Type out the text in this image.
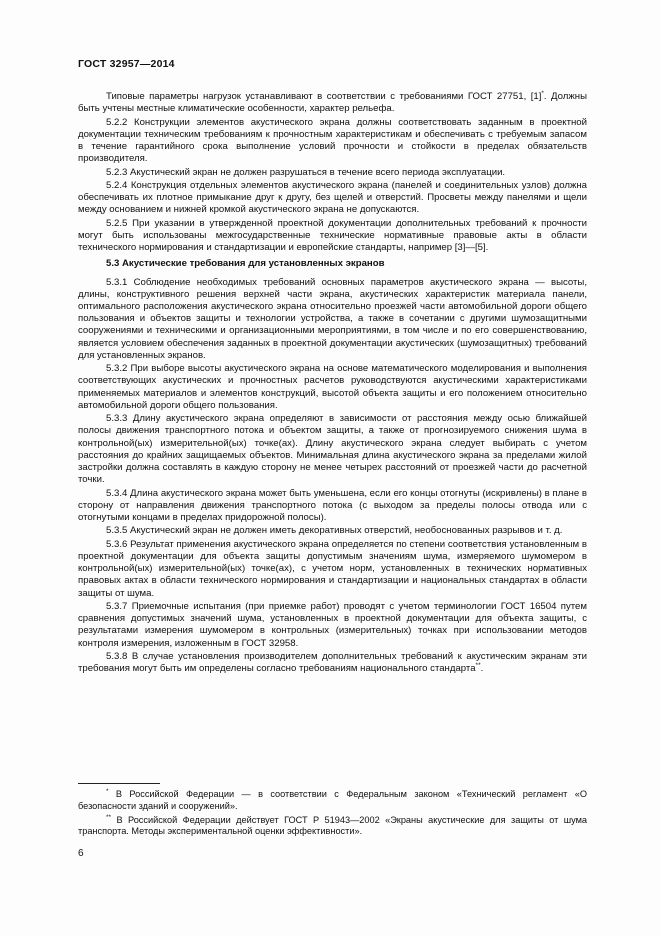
ГОСТ 32957—2014

Типовые параметры нагрузок устанавливают в соответствии с требованиями ГОСТ 27751, [1]*. Должны быть учтены местные климатические особенности, характер рельефа.

5.2.2 Конструкции элементов акустического экрана должны соответствовать заданным в проектной документации техническим требованиям к прочностным характеристикам и обеспечивать с требуемым запасом в течение гарантийного срока выполнение условий прочности и стойкости в пределах обязательств производителя.

5.2.3 Акустический экран не должен разрушаться в течение всего периода эксплуатации.

5.2.4 Конструкция отдельных элементов акустического экрана (панелей и соединительных узлов) должна обеспечивать их плотное примыкание друг к другу, без щелей и отверстий. Просветы между панелями и щели между основанием и нижней кромкой акустического экрана не допускаются.

5.2.5 При указании в утвержденной проектной документации дополнительных требований к прочности могут быть использованы межгосударственные технические нормативные правовые акты в области технического нормирования и стандартизации и европейские стандарты, например [3]—[5].

5.3 Акустические требования для установленных экранов

5.3.1 Соблюдение необходимых требований основных параметров акустического экрана — высоты, длины, конструктивного решения верхней части экрана, акустических характеристик материала панели, оптимального расположения акустического экрана относительно проезжей части автомобильной дороги общего пользования и объектов защиты и технологии устройства, а также в сочетании с другими шумозащитными сооружениями и техническими и организационными мероприятиями, в том числе и по его совершенствованию, является условием обеспечения заданных в проектной документации акустических (шумозащитных) требований для установленных экранов.

5.3.2 При выборе высоты акустического экрана на основе математического моделирования и выполнения соответствующих акустических и прочностных расчетов руководствуются акустическими характеристиками применяемых материалов и элементов конструкций, высотой объекта защиты и его положением относительно автомобильной дороги общего пользования.

5.3.3 Длину акустического экрана определяют в зависимости от расстояния между осью ближайшей полосы движения транспортного потока и объектом защиты, а также от прогнозируемого снижения шума в контрольной(ых) измерительной(ых) точке(ах). Длину акустического экрана следует выбирать с учетом расстояния до крайних защищаемых объектов. Минимальная длина акустического экрана за пределами жилой застройки должна составлять в каждую сторону не менее четырех расстояний от проезжей части до расчетной точки.

5.3.4 Длина акустического экрана может быть уменьшена, если его концы отогнуты (искривлены) в плане в сторону от направления движения транспортного потока (с выходом за пределы полосы отвода или с отогнутыми концами в пределах придорожной полосы).

5.3.5 Акустический экран не должен иметь декоративных отверстий, необоснованных разрывов и т. д.

5.3.6 Результат применения акустического экрана определяется по степени соответствия установленным в проектной документации для объекта защиты допустимым значениям шума, измеряемого шумомером в контрольной(ых) измерительной(ых) точке(ах), с учетом норм, установленных в технических нормативных правовых актах в области технического нормирования и стандартизации и национальных стандартах в области защиты от шума.

5.3.7 Приемочные испытания (при приемке работ) проводят с учетом терминологии ГОСТ 16504 путем сравнения допустимых значений шума, установленных в проектной документации для объекта защиты, с результатами измерения шумомером в контрольных (измерительных) точках при использовании методов контроля измерения, изложенным в ГОСТ 32958.

5.3.8 В случае установления производителем дополнительных требований к акустическим экранам эти требования могут быть им определены согласно требованиям национального стандарта**.

* В Российской Федерации — в соответствии с Федеральным законом «Технический регламент «О безопасности зданий и сооружений».

** В Российской Федерации действует ГОСТ Р 51943—2002 «Экраны акустические для защиты от шума транспорта. Методы экспериментальной оценки эффективности».

6
